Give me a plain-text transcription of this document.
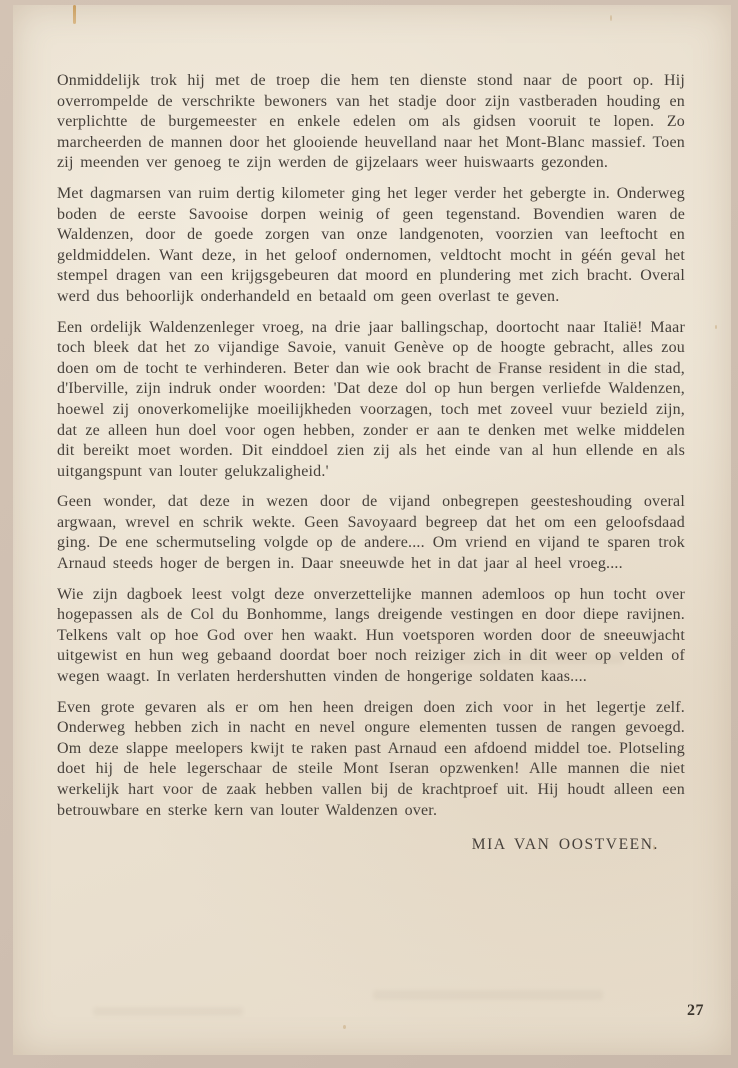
Onmiddelijk trok hij met de troep die hem ten dienste stond naar de poort op. Hij overrompelde de verschrikte bewoners van het stadje door zijn vastberaden houding en verplichtte de burgemeester en enkele edelen om als gidsen vooruit te lopen. Zo marcheerden de mannen door het glooiende heuvelland naar het Mont-Blanc massief. Toen zij meenden ver genoeg te zijn werden de gijzelaars weer huiswaarts gezonden.

Met dagmarsen van ruim dertig kilometer ging het leger verder het gebergte in. Onderweg boden de eerste Savooise dorpen weinig of geen tegenstand. Bovendien waren de Waldenzen, door de goede zorgen van onze landgenoten, voorzien van leeftocht en geldmiddelen. Want deze, in het geloof ondernomen, veldtocht mocht in géén geval het stempel dragen van een krijgsgebeuren dat moord en plundering met zich bracht. Overal werd dus behoorlijk onderhandeld en betaald om geen overlast te geven.

Een ordelijk Waldenzenleger vroeg, na drie jaar ballingschap, doortocht naar Italië! Maar toch bleek dat het zo vijandige Savoie, vanuit Genève op de hoogte gebracht, alles zou doen om de tocht te verhinderen. Beter dan wie ook bracht de Franse resident in die stad, d'Iberville, zijn indruk onder woorden: 'Dat deze dol op hun bergen verliefde Waldenzen, hoewel zij onoverkomelijke moeilijkheden voorzagen, toch met zoveel vuur bezield zijn, dat ze alleen hun doel voor ogen hebben, zonder er aan te denken met welke middelen dit bereikt moet worden. Dit einddoel zien zij als het einde van al hun ellende en als uitgangspunt van louter gelukzaligheid.'

Geen wonder, dat deze in wezen door de vijand onbegrepen geesteshouding overal argwaan, wrevel en schrik wekte. Geen Savoyaard begreep dat het om een geloofsdaad ging. De ene schermutseling volgde op de andere.... Om vriend en vijand te sparen trok Arnaud steeds hoger de bergen in. Daar sneeuwde het in dat jaar al heel vroeg....

Wie zijn dagboek leest volgt deze onverzettelijke mannen ademloos op hun tocht over hogepassen als de Col du Bonhomme, langs dreigende vestingen en door diepe ravijnen. Telkens valt op hoe God over hen waakt. Hun voetsporen worden door de sneeuwjacht uitgewist en hun weg gebaand doordat boer noch reiziger zich in dit weer op velden of wegen waagt. In verlaten herdershutten vinden de hongerige soldaten kaas....

Even grote gevaren als er om hen heen dreigen doen zich voor in het legertje zelf. Onderweg hebben zich in nacht en nevel ongure elementen tussen de rangen gevoegd. Om deze slappe meelopers kwijt te raken past Arnaud een afdoend middel toe. Plotseling doet hij de hele legerschaar de steile Mont Iseran opzwenken! Alle mannen die niet werkelijk hart voor de zaak hebben vallen bij de krachtproef uit. Hij houdt alleen een betrouwbare en sterke kern van louter Waldenzen over.

MIA VAN OOSTVEEN.
27
